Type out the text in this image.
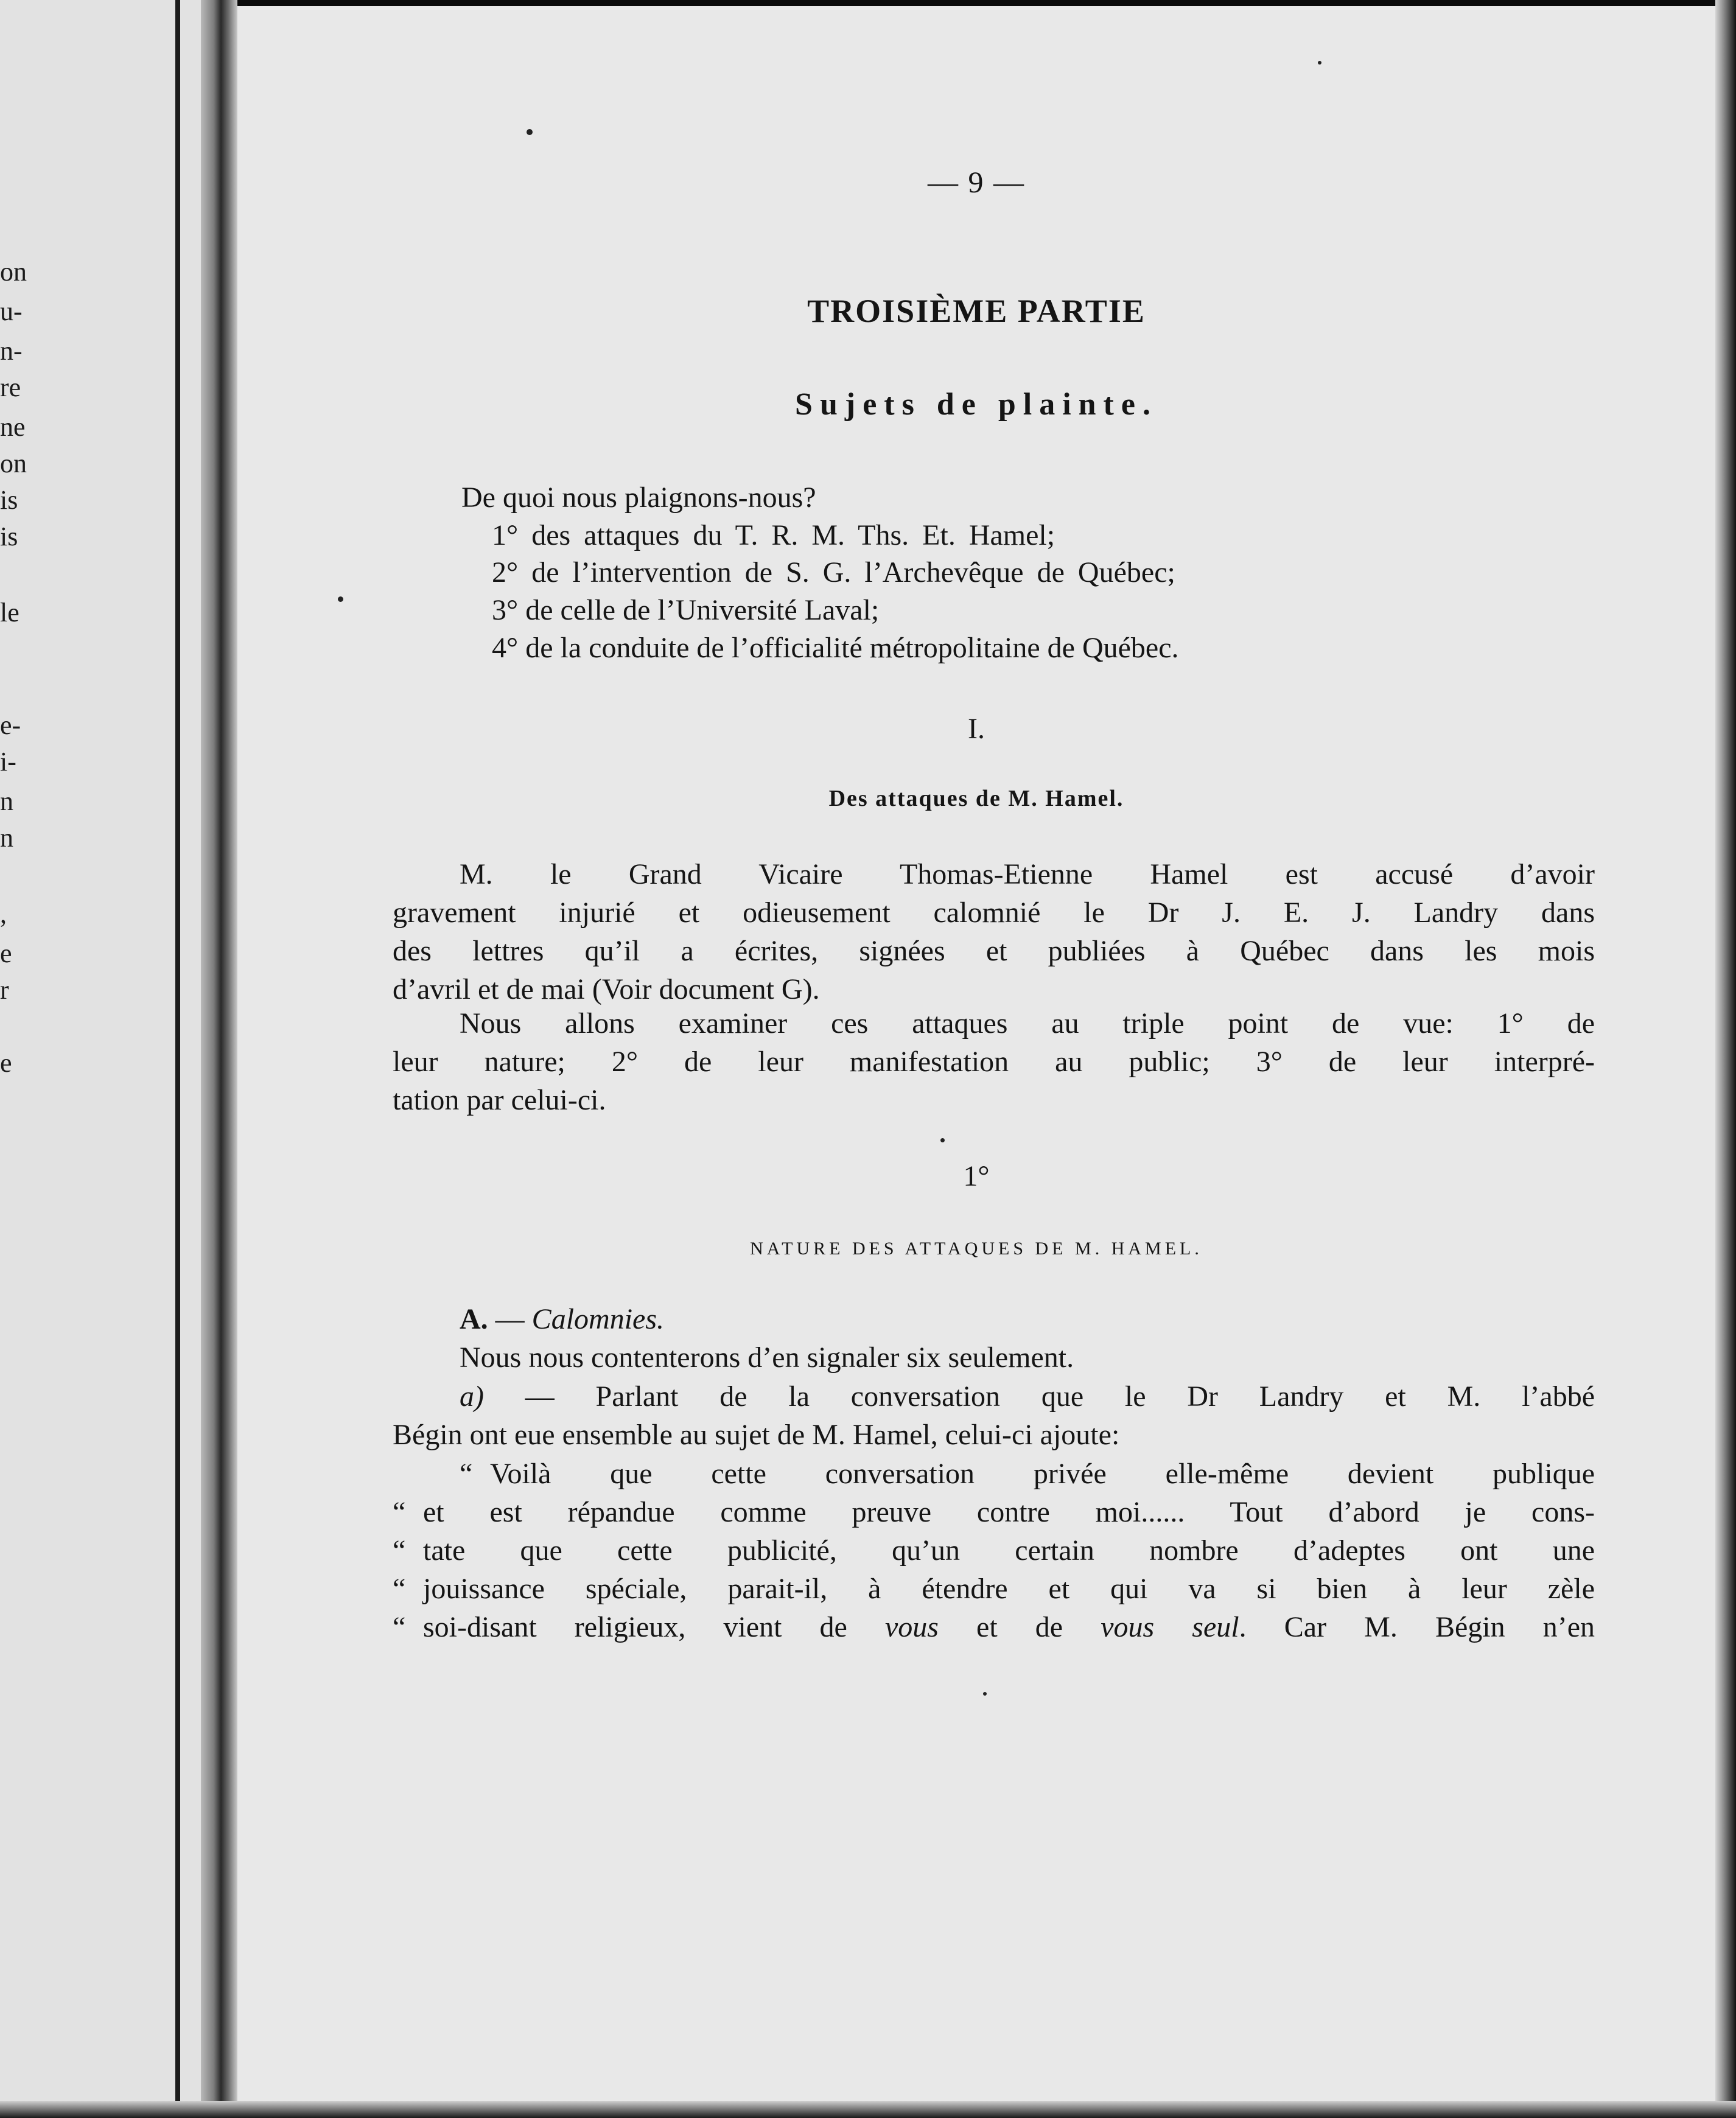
on
u-
n-
re
ne
on
is
is
le
e-
i-
n
n
,
e
r
e
— 9 —
TROISIÈME PARTIE
Sujets de plainte.
De quoi nous plaignons-nous?
1° des attaques du T. R. M. Ths. Et. Hamel;
2° de l’intervention de S. G. l’Archevêque de Québec;
3° de celle de l’Université Laval;
4° de la conduite de l’officialité métropolitaine de Québec.
I.
Des attaques de M. Hamel.
M. le Grand Vicaire Thomas-Etienne Hamel est accusé d’avoir
gravement injurié et odieusement calomnié le Dr J. E. J. Landry dans
des lettres qu’il a écrites, signées et publiées à Québec dans les mois
d’avril et de mai (Voir document G).
Nous allons examiner ces attaques au triple point de vue: 1° de
leur nature; 2° de leur manifestation au public; 3° de leur interpré-
tation par celui-ci.
1°
NATURE DES ATTAQUES DE M. HAMEL.
A. — Calomnies.
Nous nous contenterons d’en signaler six seulement.
a) — Parlant de la conversation que le Dr Landry et M. l’abbé
Bégin ont eue ensemble au sujet de M. Hamel, celui-ci ajoute:
“ Voilà que cette conversation privée elle-même devient publique
“ et est répandue comme preuve contre moi...... Tout d’abord je cons-
“ tate que cette publicité, qu’un certain nombre d’adeptes ont une
“ jouissance spéciale, parait-il, à étendre et qui va si bien à leur zèle
“ soi-disant religieux, vient de vous et de vous seul. Car M. Bégin n’en
